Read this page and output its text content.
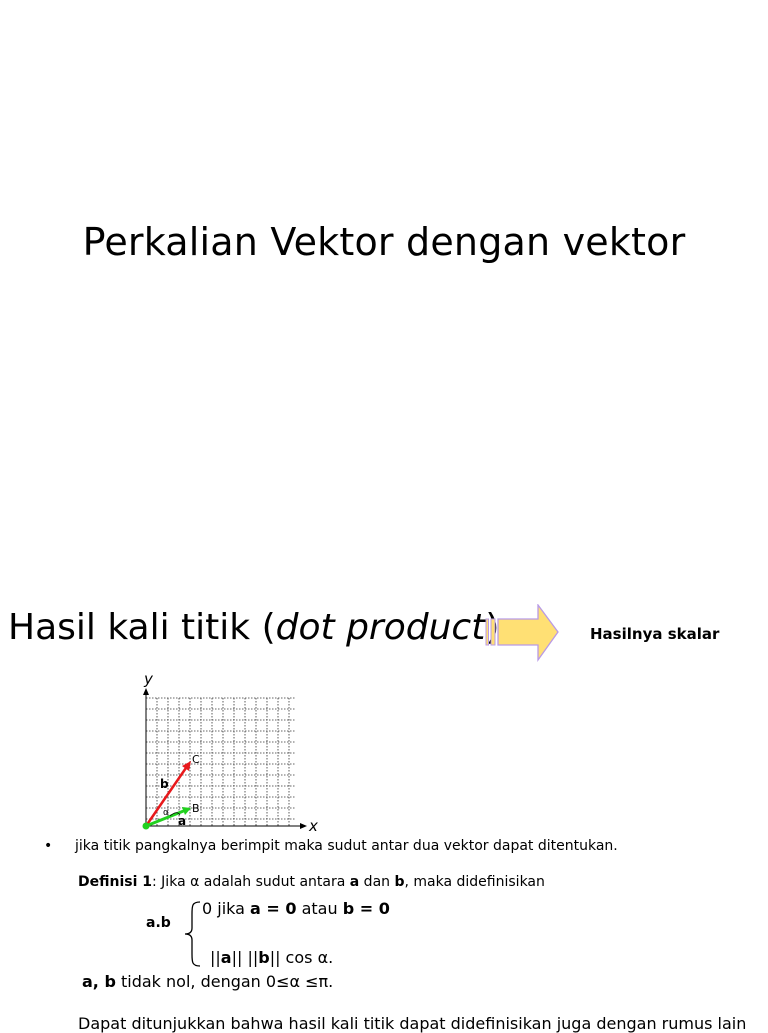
Perkalian Vektor dengan vektor
Hasil kali titik (dot product	Hasilnya skalar
y
x
C
B
b
a
α
• jika titik pangkalnya berimpit maka sudut antar dua vektor dapat ditentukan.
Definisi 1: Jika α adalah sudut antara a dan b, maka didefinisikan
a.b
0 jika a = 0 atau b = 0
||a|| ||b|| cos α.
a, b tidak nol, dengan 0≤α ≤π.
Dapat ditunjukkan bahwa hasil kali titik dapat didefinisikan juga dengan rumus lain
